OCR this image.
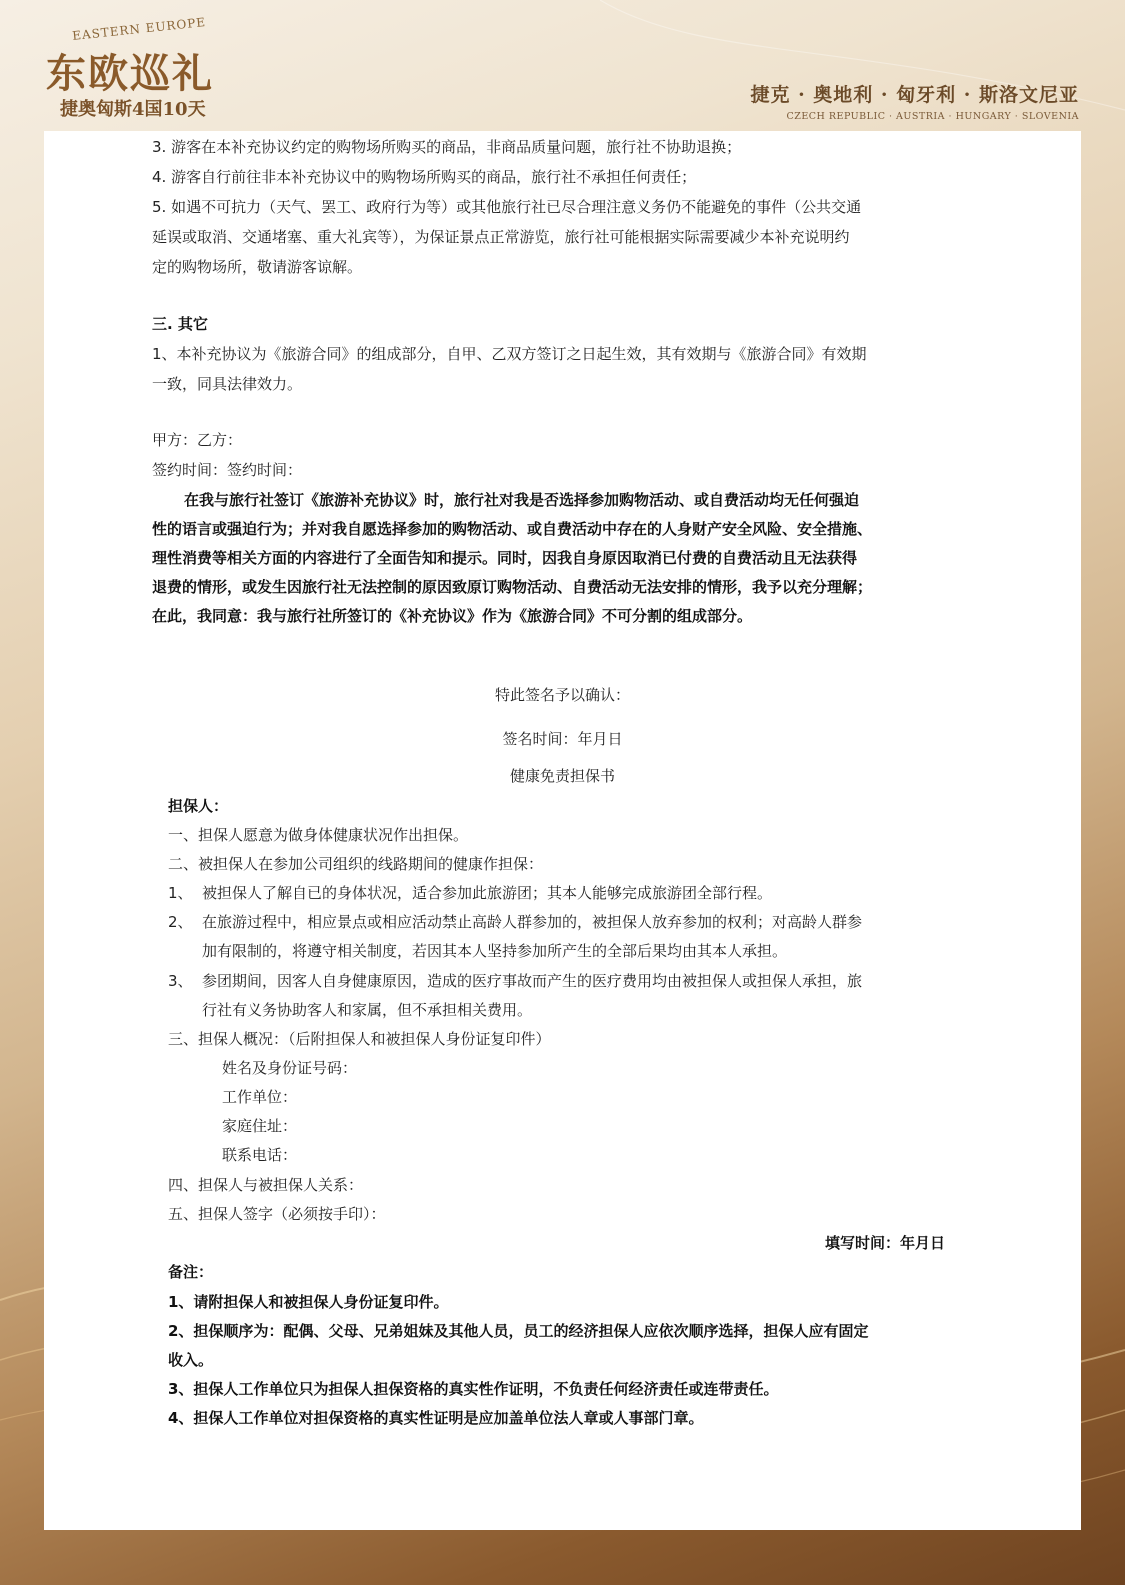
EASTERN EUROPE
东欧巡礼
捷奥匈斯4国10天
捷克 · 奥地利 · 匈牙利 · 斯洛文尼亚
CZECH REPUBLIC · AUSTRIA · HUNGARY · SLOVENIA
3. 游客在本补充协议约定的购物场所购买的商品，非商品质量问题，旅行社不协助退换；
4. 游客自行前往非本补充协议中的购物场所购买的商品，旅行社不承担任何责任；
5. 如遇不可抗力（天气、罢工、政府行为等）或其他旅行社已尽合理注意义务仍不能避免的事件（公共交通
延误或取消、交通堵塞、重大礼宾等），为保证景点正常游览，旅行社可能根据实际需要减少本补充说明约
定的购物场所，敬请游客谅解。
三. 其它
1、本补充协议为《旅游合同》的组成部分，自甲、乙双方签订之日起生效，其有效期与《旅游合同》有效期
一致，同具法律效力。
甲方：乙方：
签约时间：签约时间：
在我与旅行社签订《旅游补充协议》时，旅行社对我是否选择参加购物活动、或自费活动均无任何强迫
性的语言或强迫行为；并对我自愿选择参加的购物活动、或自费活动中存在的人身财产安全风险、安全措施、
理性消费等相关方面的内容进行了全面告知和提示。同时，因我自身原因取消已付费的自费活动且无法获得
退费的情形，或发生因旅行社无法控制的原因致原订购物活动、自费活动无法安排的情形，我予以充分理解；
在此，我同意：我与旅行社所签订的《补充协议》作为《旅游合同》不可分割的组成部分。
特此签名予以确认：
签名时间：年月日
健康免责担保书
担保人：
一、担保人愿意为做身体健康状况作出担保。
二、被担保人在参加公司组织的线路期间的健康作担保：
1、 被担保人了解自已的身体状况，适合参加此旅游团；其本人能够完成旅游团全部行程。
2、 在旅游过程中，相应景点或相应活动禁止高龄人群参加的，被担保人放弃参加的权利；对高龄人群参
加有限制的，将遵守相关制度，若因其本人坚持参加所产生的全部后果均由其本人承担。
3、 参团期间，因客人自身健康原因，造成的医疗事故而产生的医疗费用均由被担保人或担保人承担，旅
行社有义务协助客人和家属，但不承担相关费用。
三、担保人概况：（后附担保人和被担保人身份证复印件）
姓名及身份证号码：
工作单位：
家庭住址：
联系电话：
四、担保人与被担保人关系：
五、担保人签字（必须按手印）：
填写时间：年月日
备注：
1、请附担保人和被担保人身份证复印件。
2、担保顺序为：配偶、父母、兄弟姐妹及其他人员，员工的经济担保人应依次顺序选择，担保人应有固定
收入。
3、担保人工作单位只为担保人担保资格的真实性作证明，不负责任何经济责任或连带责任。
4、担保人工作单位对担保资格的真实性证明是应加盖单位法人章或人事部门章。
